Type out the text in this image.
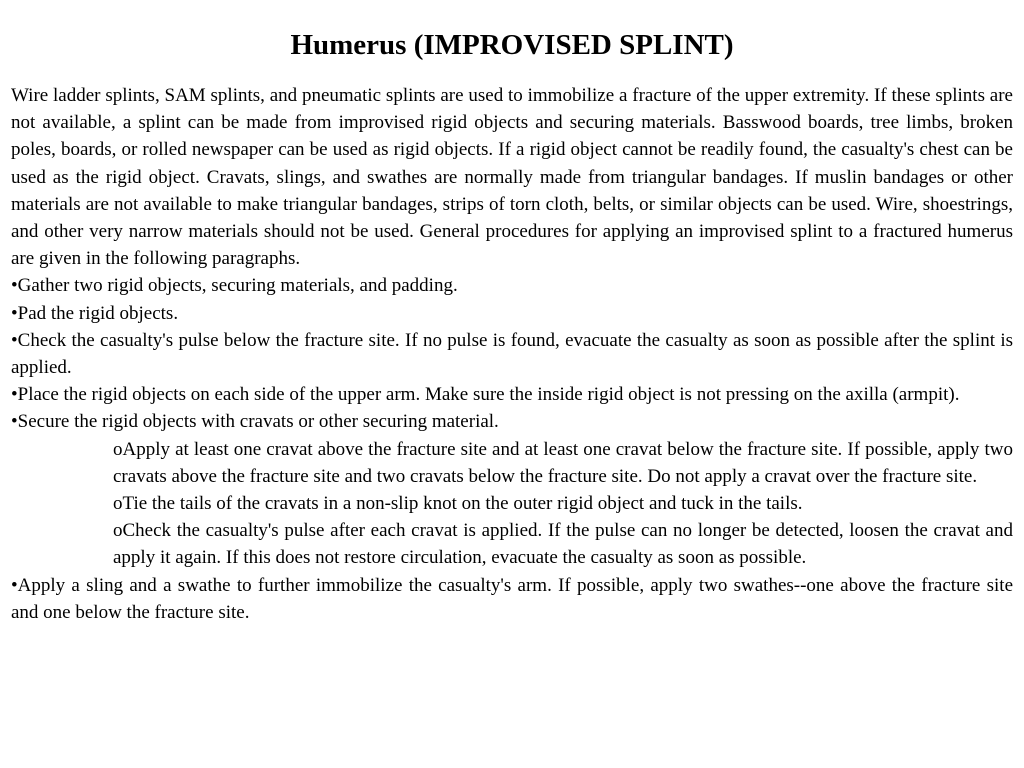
Humerus (IMPROVISED SPLINT)

Wire ladder splints, SAM splints, and pneumatic splints are used to immobilize a fracture of the upper extremity. If these splints are not available, a splint can be made from improvised rigid objects and securing materials. Basswood boards, tree limbs, broken poles, boards, or rolled newspaper can be used as rigid objects. If a rigid object cannot be readily found, the casualty's chest can be used as the rigid object. Cravats, slings, and swathes are normally made from triangular bandages. If muslin bandages or other materials are not available to make triangular bandages, strips of torn cloth, belts, or similar objects can be used. Wire, shoestrings, and other very narrow materials should not be used. General procedures for applying an improvised splint to a fractured humerus are given in the following paragraphs.

•Gather two rigid objects, securing materials, and padding.

•Pad the rigid objects.

•Check the casualty's pulse below the fracture site. If no pulse is found, evacuate the casualty as soon as possible after the splint is applied.

•Place the rigid objects on each side of the upper arm. Make sure the inside rigid object is not pressing on the axilla (armpit).

•Secure the rigid objects with cravats or other securing material.

oApply at least one cravat above the fracture site and at least one cravat below the fracture site. If possible, apply two cravats above the fracture site and two cravats below the fracture site. Do not apply a cravat over the fracture site.

oTie the tails of the cravats in a non-slip knot on the outer rigid object and tuck in the tails.

oCheck the casualty's pulse after each cravat is applied. If the pulse can no longer be detected, loosen the cravat and apply it again. If this does not restore circulation, evacuate the casualty as soon as possible.

•Apply a sling and a swathe to further immobilize the casualty's arm. If possible, apply two swathes--one above the fracture site and one below the fracture site.
